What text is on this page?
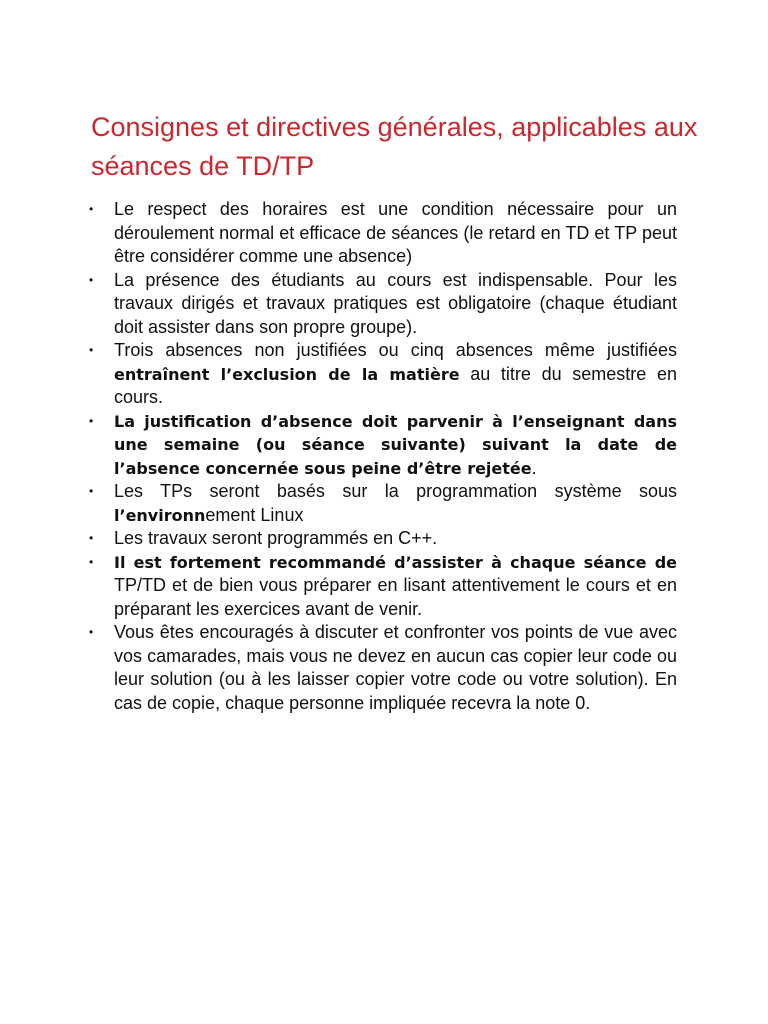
Consignes et directives générales, applicables aux séances de TD/TP
• Le respect des horaires est une condition nécessaire pour un déroulement normal et efficace de séances (le retard en TD et TP peut être considérer comme une absence)
• La présence des étudiants au cours est indispensable. Pour les travaux dirigés et travaux pratiques est obligatoire (chaque étudiant doit assister dans son propre groupe).
• Trois absences non justifiées ou cinq absences même justifiées entraînent l’exclusion de la matière au titre du semestre en cours.
• La justification d’absence doit parvenir à l’enseignant dans une semaine (ou séance suivante) suivant la date de l’absence concernée sous peine d’être rejetée.
• Les TPs seront basés sur la programmation système sous l’environnement Linux
• Les travaux seront programmés en C++.
• Il est fortement recommandé d’assister à chaque séance de TP/TD et de bien vous préparer en lisant attentivement le cours et en préparant les exercices avant de venir.
• Vous êtes encouragés à discuter et confronter vos points de vue avec vos camarades, mais vous ne devez en aucun cas copier leur code ou leur solution (ou à les laisser copier votre code ou votre solution). En cas de copie, chaque personne impliquée recevra la note 0.
